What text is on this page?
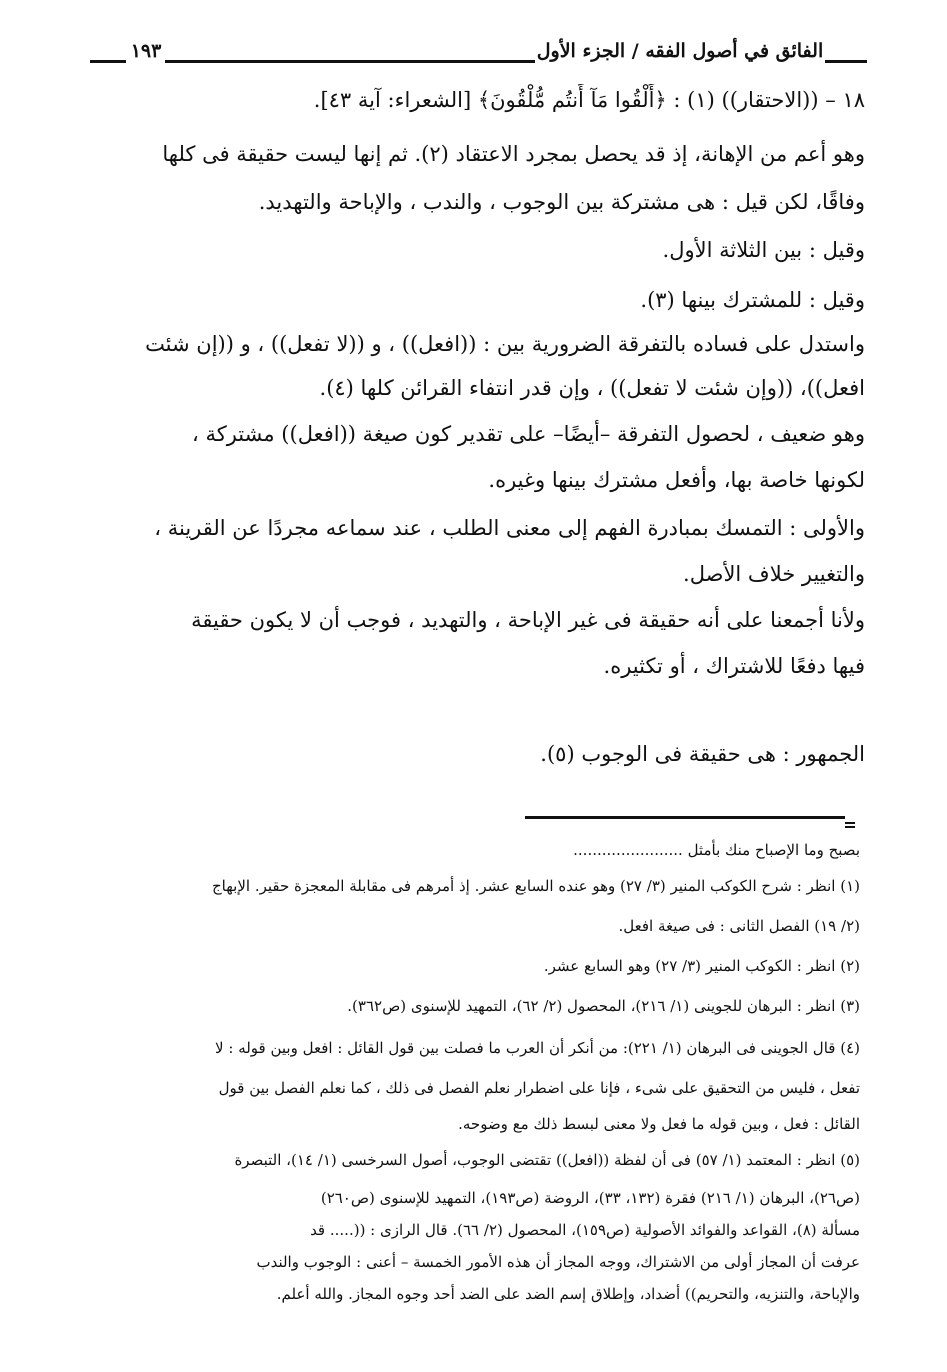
الفائق في أصول الفقه / الجزء الأول
١٩٣
١٨ – ((الاحتقار)) (١) : ﴿أَلْقُوا مَآ أَنتُم مُّلْقُونَ﴾ [الشعراء: آية ٤٣].
وهو أعم من الإهانة، إذ قد يحصل بمجرد الاعتقاد (٢). ثم إنها ليست حقيقة فى كلها
وفاقًا، لكن قيل : هى مشتركة بين الوجوب ، والندب ، والإباحة والتهديد.
وقيل : بين الثلاثة الأول.
وقيل : للمشترك بينها (٣).
واستدل على فساده بالتفرقة الضرورية بين : ((افعل)) ، و ((لا تفعل)) ، و ((إن شئت
افعل))، ((وإن شئت لا تفعل)) ، وإن قدر انتفاء القرائن كلها (٤).
وهو ضعيف ، لحصول التفرقة –أيضًا– على تقدير كون صيغة ((افعل)) مشتركة ،
لكونها خاصة بها، وأفعل مشترك بينها وغيره.
والأولى : التمسك بمبادرة الفهم إلى معنى الطلب ، عند سماعه مجردًا عن القرينة ،
والتغيير خلاف الأصل.
ولأنا أجمعنا على أنه حقيقة فى غير الإباحة ، والتهديد ، فوجب أن لا يكون حقيقة
فيها دفعًا للاشتراك ، أو تكثيره.
الجمهور : هى حقيقة فى الوجوب (٥).
بصبح وما الإصباح منك بأمثل .......................
(١) انظر : شرح الكوكب المنير (٣/ ٢٧) وهو عنده السابع عشر. إذ أمرهم فى مقابلة المعجزة حقير. الإبهاج
(٢/ ١٩) الفصل الثانى : فى صيغة افعل.
(٢) انظر : الكوكب المنير (٣/ ٢٧) وهو السابع عشر.
(٣) انظر : البرهان للجوينى (١/ ٢١٦)، المحصول (٢/ ٦٢)، التمهيد للإسنوى (ص٣٦٢).
(٤) قال الجوينى فى البرهان (١/ ٢٢١): من أنكر أن العرب ما فصلت بين قول القائل : افعل وبين قوله : لا
تفعل ، فليس من التحقيق على شىء ، فإنا على اضطرار نعلم الفصل فى ذلك ، كما نعلم الفصل بين قول
القائل : فعل ، وبين قوله ما فعل ولا معنى لبسط ذلك مع وضوحه.
(٥) انظر : المعتمد (١/ ٥٧) فى أن لفظة ((افعل)) تقتضى الوجوب، أصول السرخسى (١/ ١٤)، التبصرة
(ص٢٦)، البرهان (١/ ٢١٦) فقرة (١٣٢، ٣٣)، الروضة (ص١٩٣)، التمهيد للإسنوى (ص٢٦٠)
مسألة (٨)، القواعد والفوائد الأصولية (ص١٥٩)، المحصول (٢/ ٦٦). قال الرازى : ((..... قد
عرفت أن المجاز أولى من الاشتراك، ووجه المجاز أن هذه الأمور الخمسة – أعنى : الوجوب والندب
والإباحة، والتنزيه، والتحريم)) أضداد، وإطلاق إسم الضد على الضد أحد وجوه المجاز. والله أعلم.
